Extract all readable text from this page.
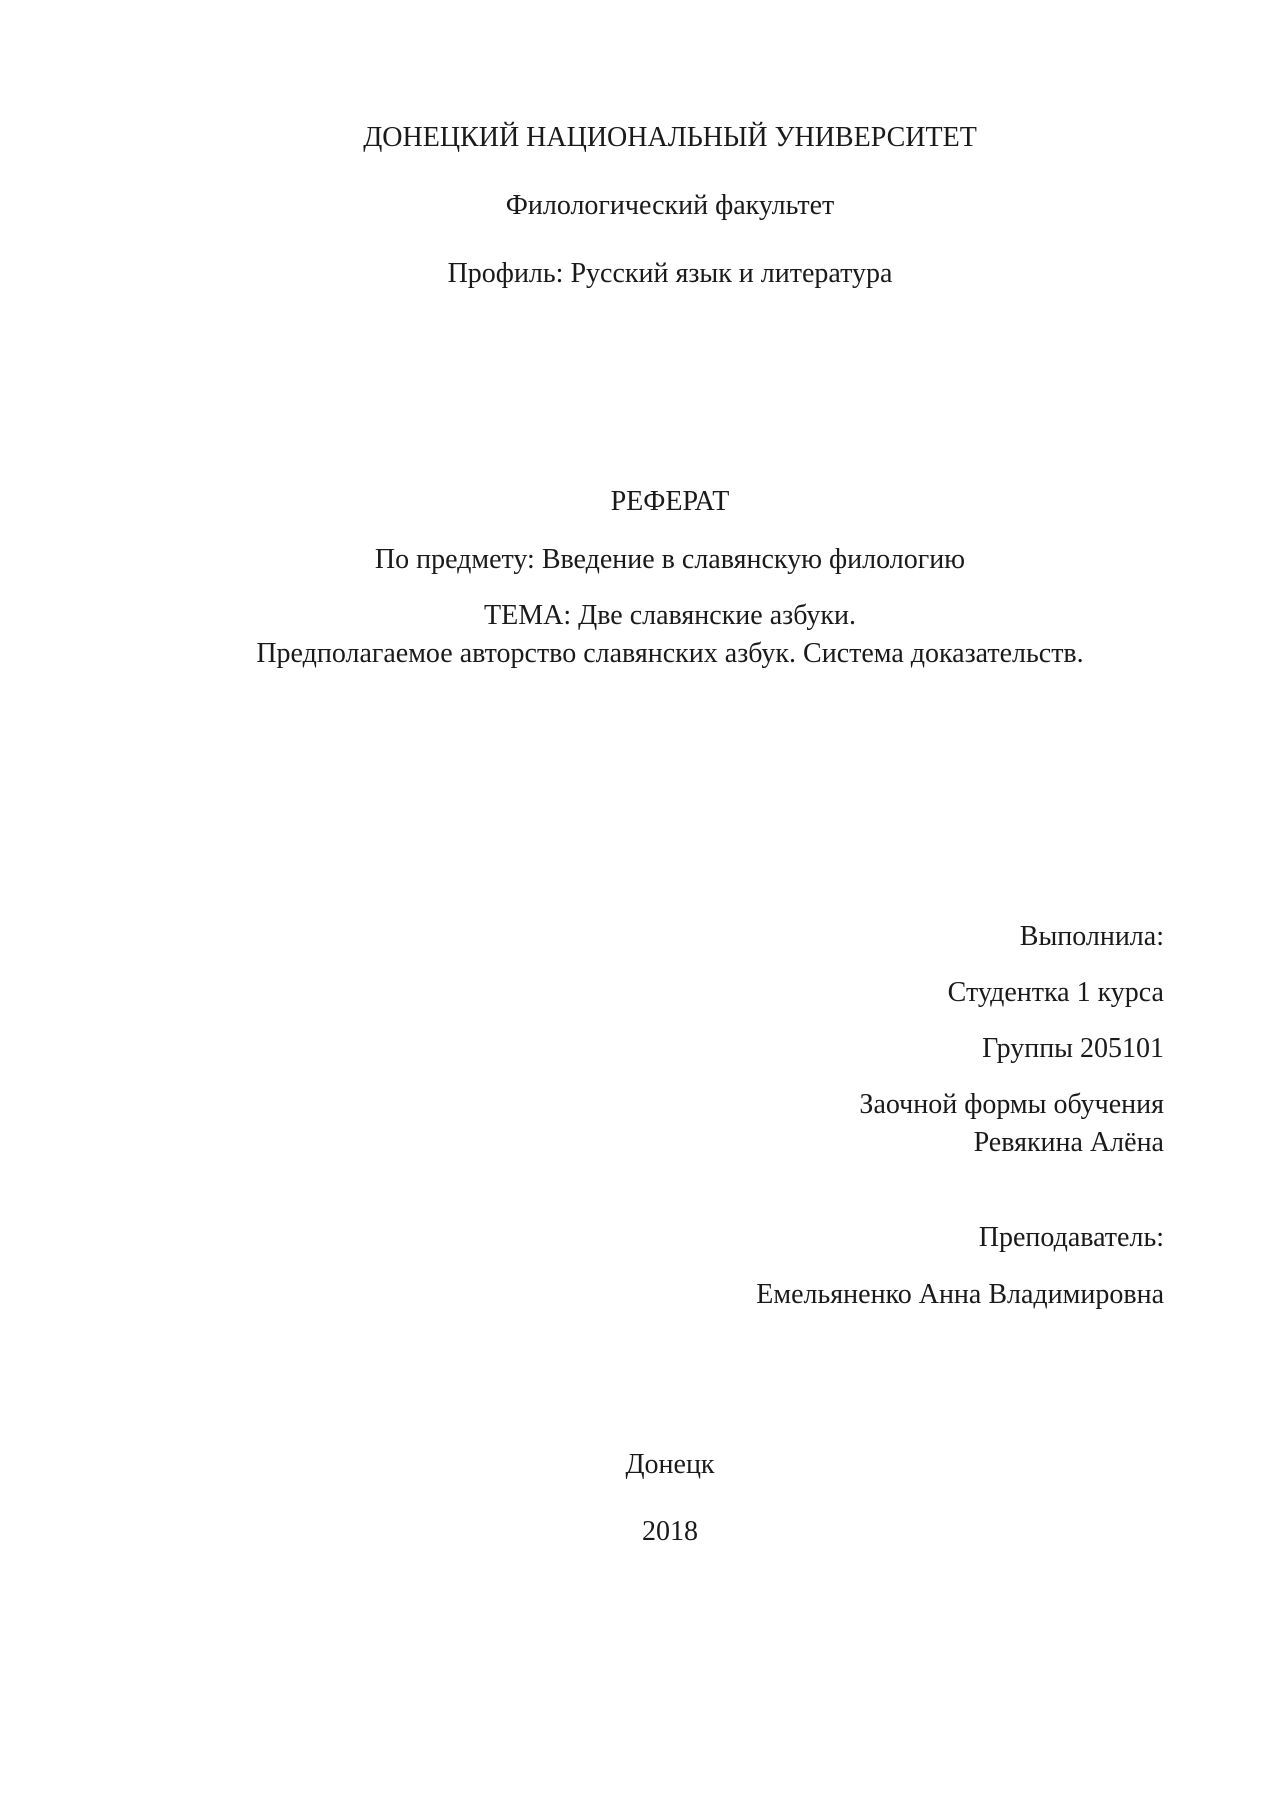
ДОНЕЦКИЙ НАЦИОНАЛЬНЫЙ УНИВЕРСИТЕТ
Филологический факультет
Профиль: Русский язык и литература
РЕФЕРАТ
По предмету: Введение в славянскую филологию
ТЕМА: Две славянские азбуки.
Предполагаемое авторство славянских азбук. Система доказательств.
Выполнила:
Студентка 1 курса
Группы 205101
Заочной формы обучения
Ревякина Алёна
Преподаватель:
Емельяненко Анна Владимировна
Донецк
2018
